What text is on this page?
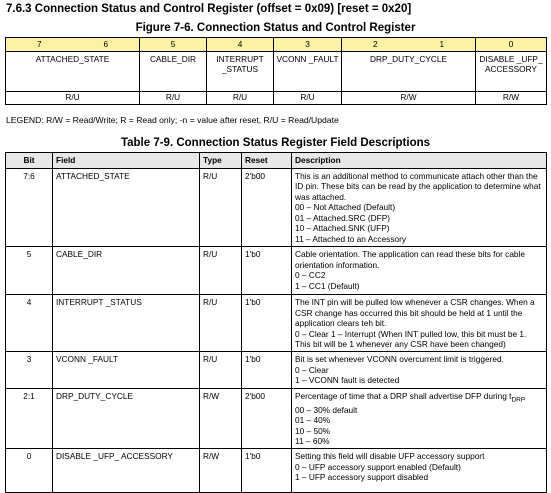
7.6.3 Connection Status and Control Register (offset = 0x09) [reset = 0x20]
Figure 7-6. Connection Status and Control Register
7	6	5	4	3	2	1	0
ATTACHED_STATE		CABLE_DIR	INTERRUPT _STATUS	VCONN _FAULT	DRP_DUTY_CYCLE		DISABLE _UFP_ ACCESSORY
R/U		R/U	R/U	R/U	R/W		R/W
LEGEND: R/W = Read/Write; R = Read only; -n = value after reset, R/U = Read/Update
Table 7-9. Connection Status Register Field Descriptions
Bit	Field	Type	Reset	Description
7:6	ATTACHED_STATE	R/U	2'b00	This is an additional method to communicate attach other than the ID pin. These bits can be read by the application to determine what was attached.
00 – Not Attached (Default)
01 – Attached.SRC (DFP)
10 – Attached.SNK (UFP)
11 – Attached to an Accessory

5	CABLE_DIR	R/U	1'b0	Cable orientation. The application can read these bits for cable orientation information.
0 – CC2
1 – CC1 (Default)

4	INTERRUPT _STATUS	R/U	1'b0	The INT pin will be pulled low whenever a CSR changes. When a CSR change has occurred this bit should be held at 1 until the application clears teh bit.
0 – Clear 1 – Interrupt (When INT pulled low, this bit must be 1. This bit will be 1 whenever any CSR have been changed)

3	VCONN _FAULT	R/U	1'b0	Bit is set whenever VCONN overcurrent limit is triggered.
0 – Clear
1 – VCONN fault is detected

2:1	DRP_DUTY_CYCLE	R/W	2'b00	Percentage of time that a DRP shall advertise DFP during $t_{DRP}$
00 – 30% default
01 – 40%
10 – 50%
11 – 60%

0	DISABLE _UFP_ ACCESSORY	R/W	1'b0	Setting this field will disable UFP accessory support
0 – UFP accessory support enabled (Default)
1 – UFP accessory support disabled
